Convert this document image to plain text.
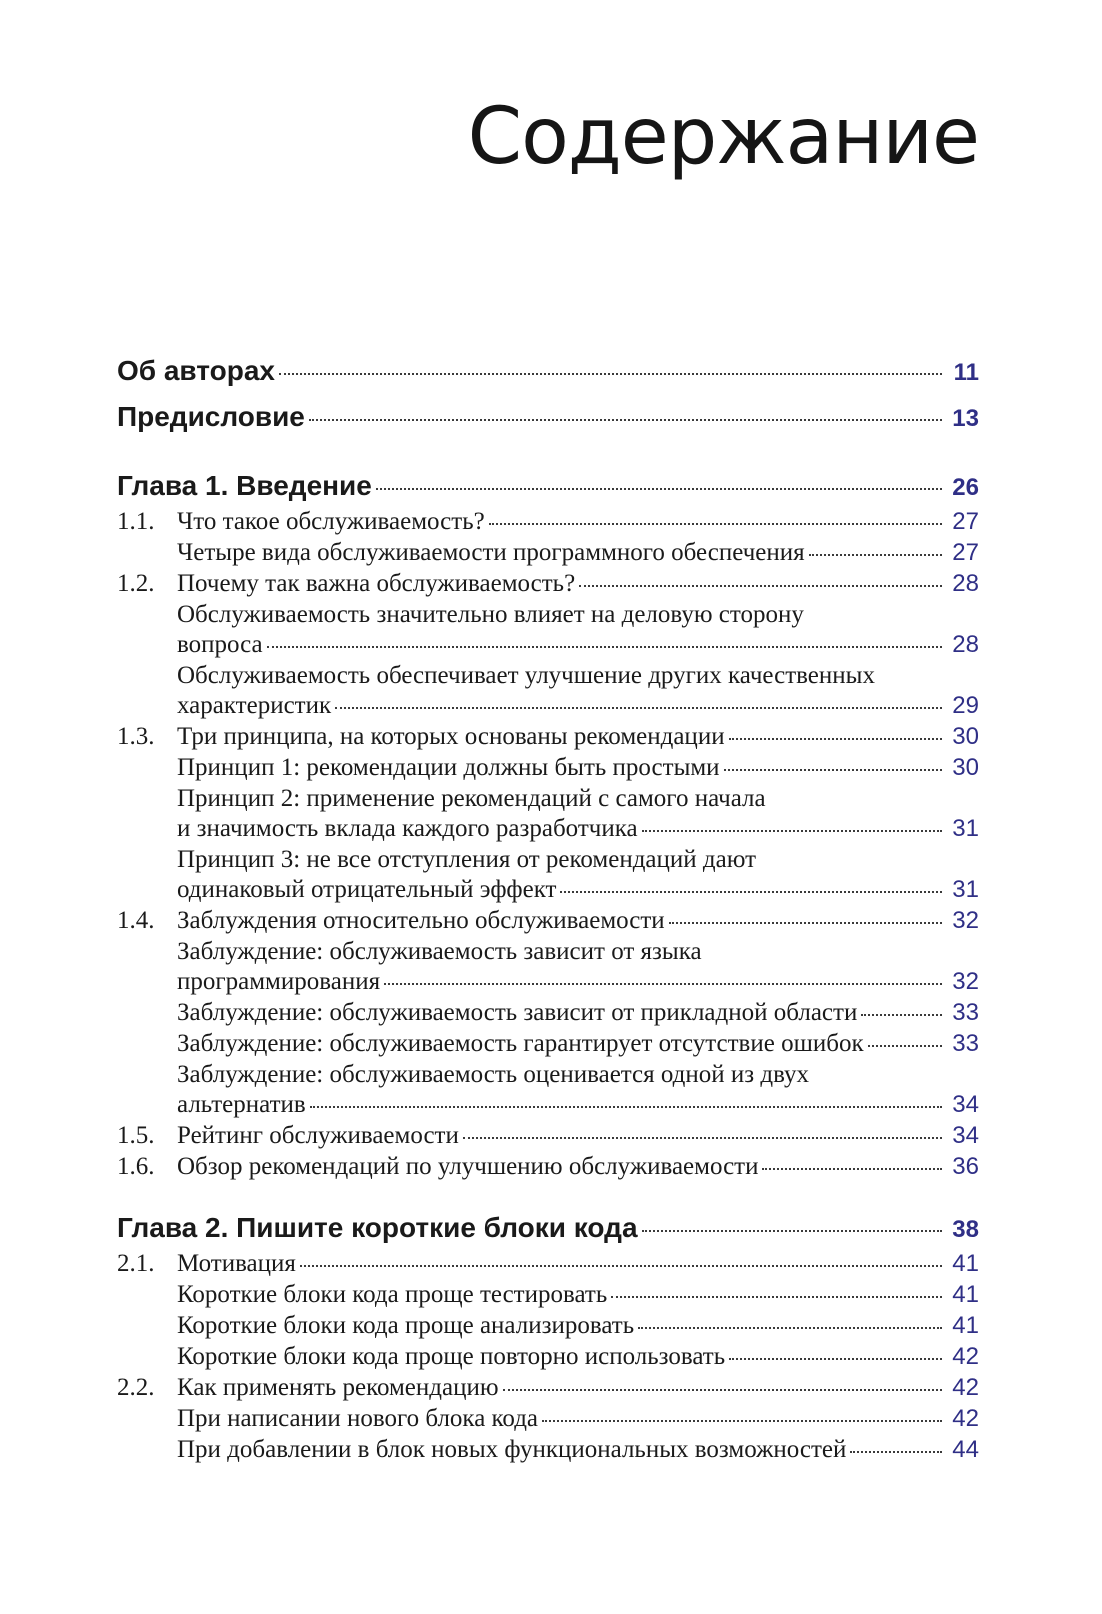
Содержание
Об авторах	11
Предисловие	13
Глава 1. Введение	26
1.1. Что такое обслуживаемость?	27
Четыре вида обслуживаемости программного обеспечения	27
1.2. Почему так важна обслуживаемость?	28
Обслуживаемость значительно влияет на деловую сторону
вопроса	28
Обслуживаемость обеспечивает улучшение других качественных
характеристик	29
1.3. Три принципа, на которых основаны рекомендации	30
Принцип 1: рекомендации должны быть простыми	30
Принцип 2: применение рекомендаций с самого начала
и значимость вклада каждого разработчика	31
Принцип 3: не все отступления от рекомендаций дают
одинаковый отрицательный эффект	31
1.4. Заблуждения относительно обслуживаемости	32
Заблуждение: обслуживаемость зависит от языка
программирования	32
Заблуждение: обслуживаемость зависит от прикладной области	33
Заблуждение: обслуживаемость гарантирует отсутствие ошибок	33
Заблуждение: обслуживаемость оценивается одной из двух
альтернатив	34
1.5. Рейтинг обслуживаемости	34
1.6. Обзор рекомендаций по улучшению обслуживаемости	36
Глава 2. Пишите короткие блоки кода	38
2.1. Мотивация	41
Короткие блоки кода проще тестировать	41
Короткие блоки кода проще анализировать	41
Короткие блоки кода проще повторно использовать	42
2.2. Как применять рекомендацию	42
При написании нового блока кода	42
При добавлении в блок новых функциональных возможностей	44
